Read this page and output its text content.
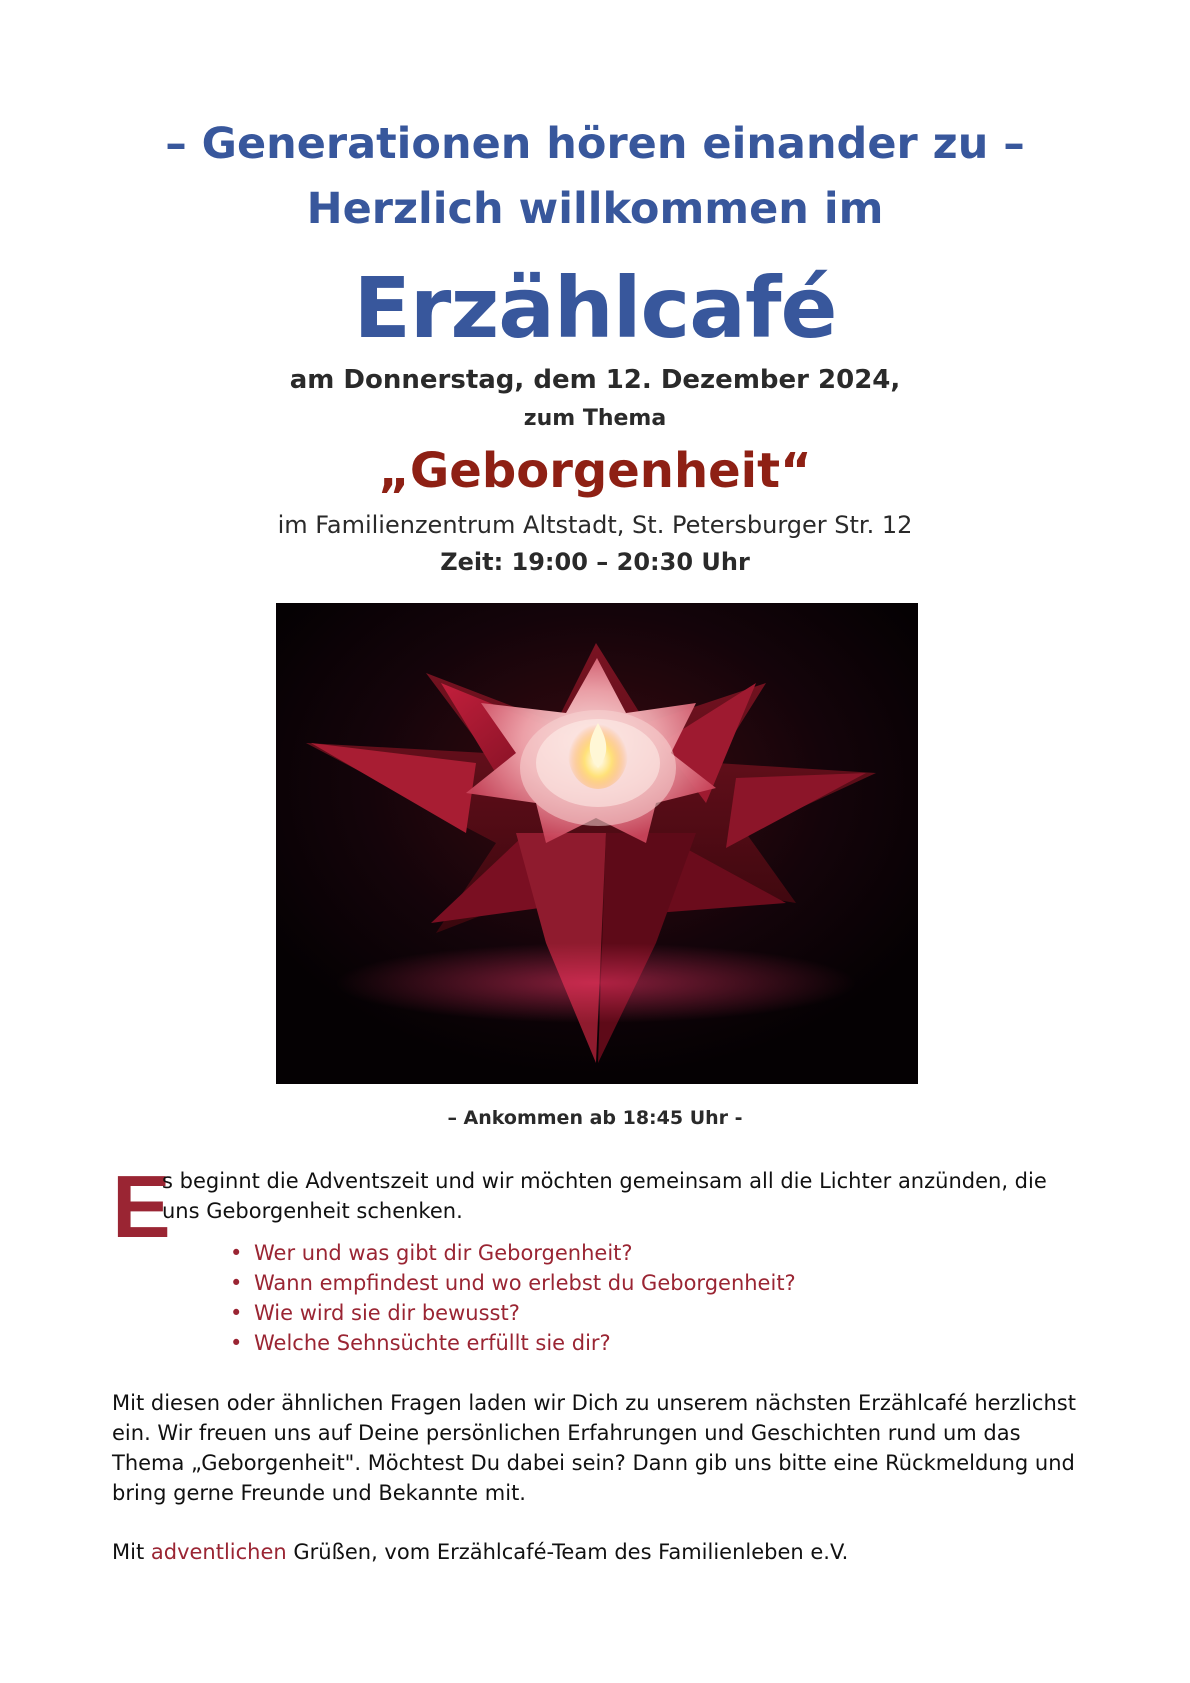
– Generationen hören einander zu –
Herzlich willkommen im
Erzählcafé
am Donnerstag, dem 12. Dezember 2024,
zum Thema
„Geborgenheit“
im Familienzentrum Altstadt, St. Petersburger Str. 12
Zeit: 19:00 – 20:30 Uhr
– Ankommen ab 18:45 Uhr -
E
s beginnt die Adventszeit und wir möchten gemeinsam all die Lichter anzünden, die uns Geborgenheit schenken.
• Wer und was gibt dir Geborgenheit?
• Wann empfindest und wo erlebst du Geborgenheit?
• Wie wird sie dir bewusst?
• Welche Sehnsüchte erfüllt sie dir?
Mit diesen oder ähnlichen Fragen laden wir Dich zu unserem nächsten Erzählcafé herzlichst ein. Wir freuen uns auf Deine persönlichen Erfahrungen und Geschichten rund um das Thema „Geborgenheit". Möchtest Du dabei sein? Dann gib uns bitte eine Rückmeldung und bring gerne Freunde und Bekannte mit.
Mit adventlichen Grüßen, vom Erzählcafé-Team des Familienleben e.V.
